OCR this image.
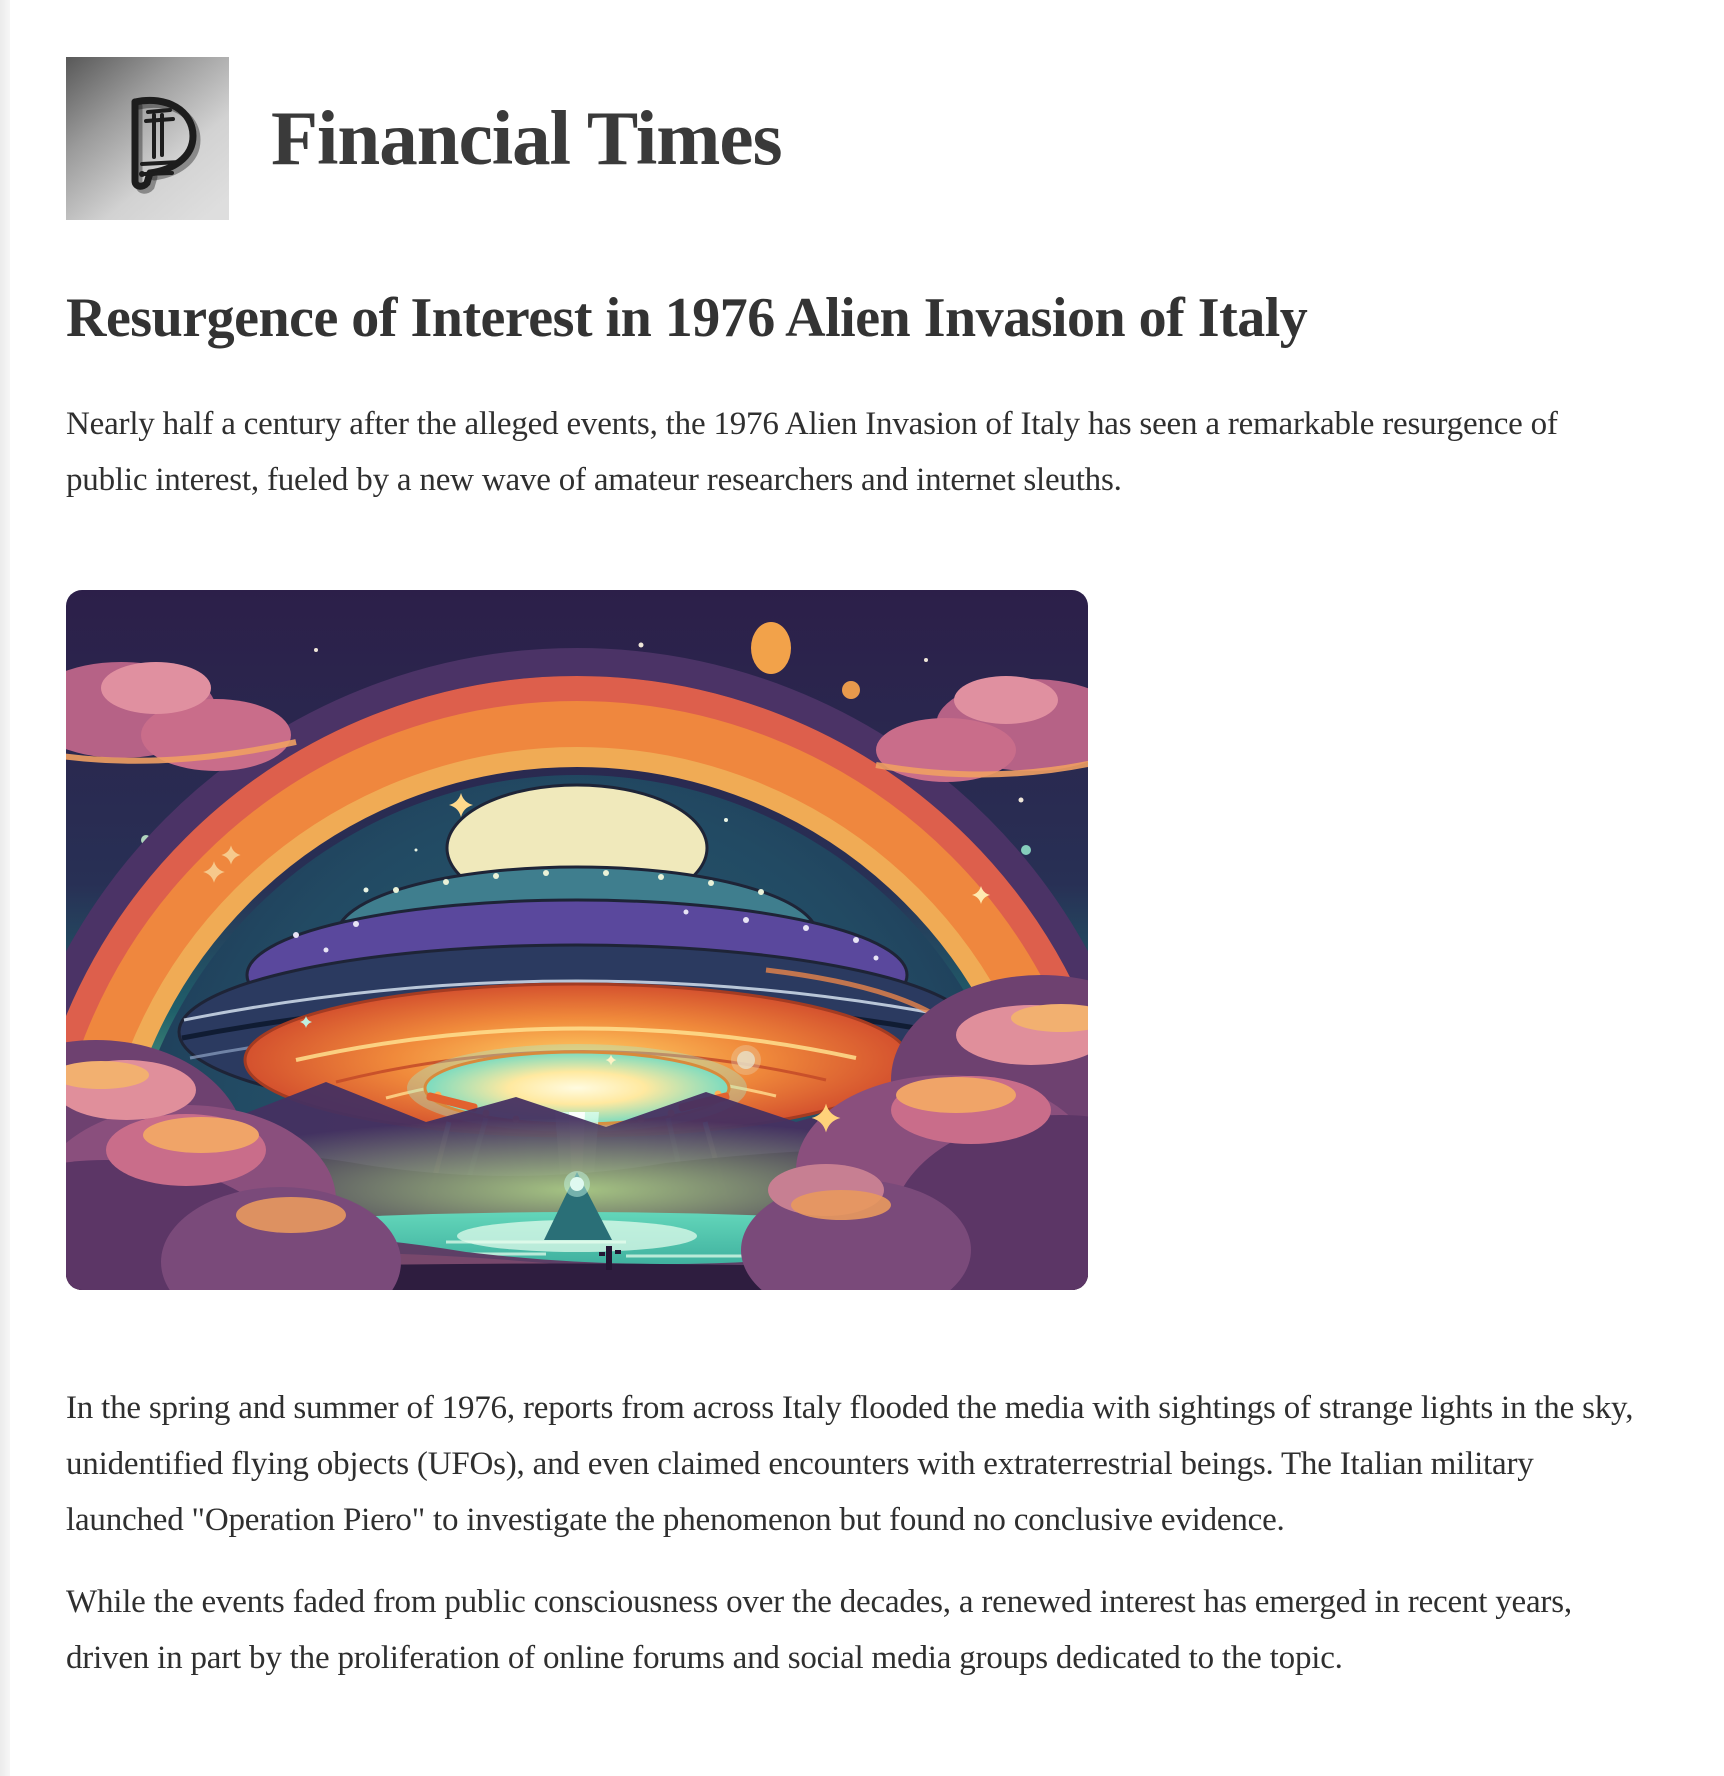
Financial Times
Resurgence of Interest in 1976 Alien Invasion of Italy

Nearly half a century after the alleged events, the 1976 Alien Invasion of Italy has seen a remarkable resurgence of public interest, fueled by a new wave of amateur researchers and internet sleuths.

In the spring and summer of 1976, reports from across Italy flooded the media with sightings of strange lights in the sky, unidentified flying objects (UFOs), and even claimed encounters with extraterrestrial beings. The Italian military launched "Operation Piero" to investigate the phenomenon but found no conclusive evidence.

While the events faded from public consciousness over the decades, a renewed interest has emerged in recent years, driven in part by the proliferation of online forums and social media groups dedicated to the topic.
